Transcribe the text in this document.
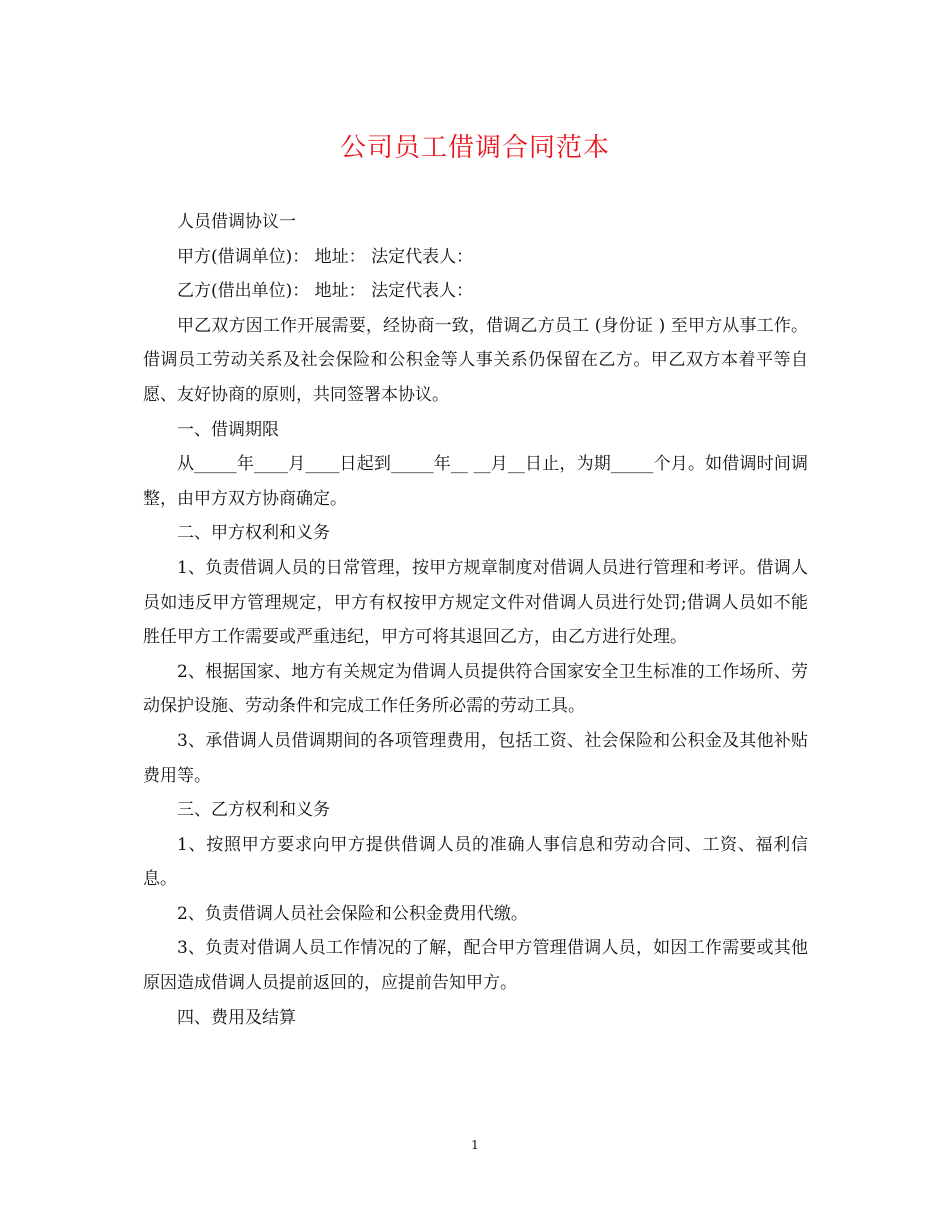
公司员工借调合同范本

人员借调协议一

甲方(借调单位)： 地址： 法定代表人：

乙方(借出单位)： 地址： 法定代表人：

甲乙双方因工作开展需要，经协商一致，借调乙方员工 (身份证 ) 至甲方从事工作。借调员工劳动关系及社会保险和公积金等人事关系仍保留在乙方。甲乙双方本着平等自愿、友好协商的原则，共同签署本协议。

一、借调期限

从_____年____月____日起到_____年__ __月__日止，为期_____个月。如借调时间调整，由甲方双方协商确定。

二、甲方权利和义务

1、负责借调人员的日常管理，按甲方规章制度对借调人员进行管理和考评。借调人员如违反甲方管理规定，甲方有权按甲方规定文件对借调人员进行处罚;借调人员如不能胜任甲方工作需要或严重违纪，甲方可将其退回乙方，由乙方进行处理。

2、根据国家、地方有关规定为借调人员提供符合国家安全卫生标准的工作场所、劳动保护设施、劳动条件和完成工作任务所必需的劳动工具。

3、承借调人员借调期间的各项管理费用，包括工资、社会保险和公积金及其他补贴费用等。

三、乙方权利和义务

1、按照甲方要求向甲方提供借调人员的准确人事信息和劳动合同、工资、福利信息。

2、负责借调人员社会保险和公积金费用代缴。

3、负责对借调人员工作情况的了解，配合甲方管理借调人员，如因工作需要或其他原因造成借调人员提前返回的，应提前告知甲方。

四、费用及结算

1
